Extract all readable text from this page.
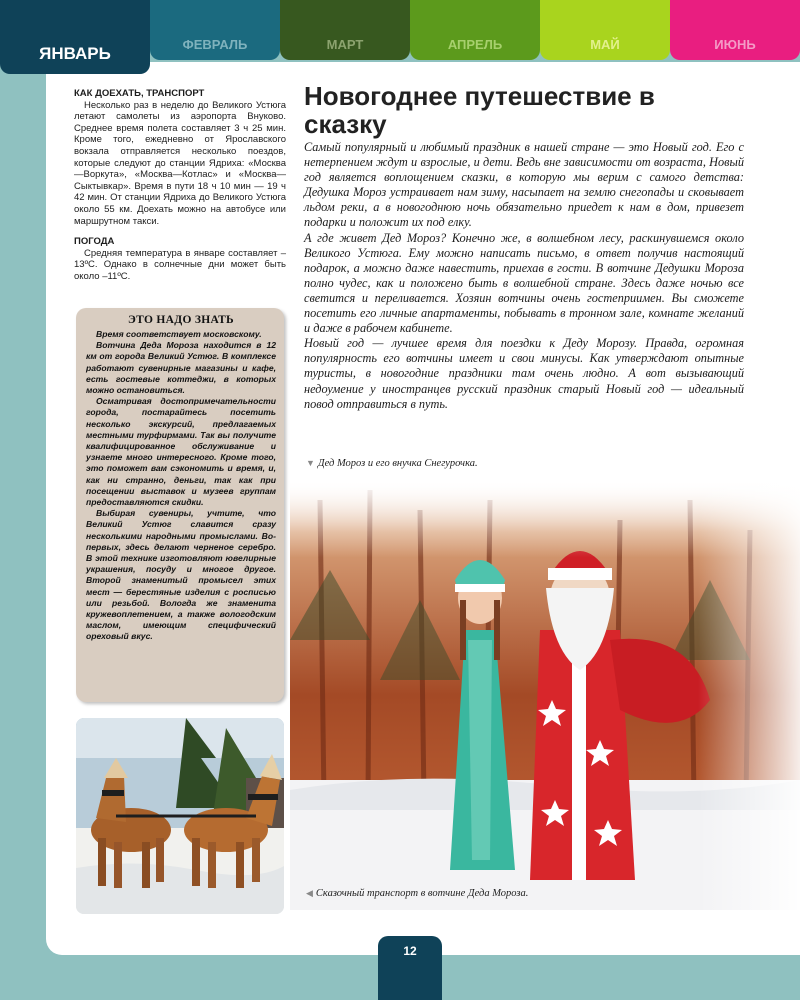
ФЕВРАЛЬ	МАРТ	АПРЕЛЬ	МАЙ	ИЮНЬ
ЯНВАРЬ
КАК ДОЕХАТЬ, ТРАНСПОРТ
Несколько раз в неделю до Великого Устюга летают самолеты из аэропорта Внуково. Среднее время полета составляет 3 ч 25 мин. Кроме того, ежедневно от Ярославского вокзала отправляется несколько поездов, которые следуют до станции Ядриха: «Москва—Воркута», «Москва—Котлас» и «Москва—Сыктывкар». Время в пути 18 ч 10 мин — 19 ч 42 мин. От станции Ядриха до Великого Устюга около 55 км. Доехать можно на автобусе или маршрутном такси.
ПОГОДА
Средняя температура в январе составляет –13ºС. Однако в солнечные дни может быть около –11ºС.
ЭТО НАДО ЗНАТЬ

Время соответствует московскому.

Вотчина Деда Мороза находится в 12 км от города Великий Устюг. В комплексе работают сувенирные магазины и кафе, есть гостевые коттеджи, в которых можно остановиться.

Осматривая достопримечательности города, постарайтесь посетить несколько экскурсий, предлагаемых местными турфирмами. Так вы получите квалифицированное обслуживание и узнаете много интересного. Кроме того, это поможет вам сэкономить и время, и, как ни странно, деньги, так как при посещении выставок и музеев группам предоставляются скидки.

Выбирая сувениры, учтите, что Великий Устюг славится сразу несколькими народными промыслами. Во-первых, здесь делают черненое серебро. В этой технике изготовляют ювелирные украшения, посуду и многое другое. Второй знаменитый промысел этих мест — берестяные изделия с росписью или резьбой. Вологда же знаменита кружевоплетением, а также вологодским маслом, имеющим специфический ореховый вкус.

Новогоднее путешествие в сказку

Самый популярный и любимый праздник в нашей стране — это Новый год. Его с нетерпением ждут и взрослые, и дети. Ведь вне зависимости от возраста, Новый год является воплощением сказки, в которую мы верим с самого детства: Дедушка Мороз устраивает нам зиму, насыпает на землю снегопады и сковывает льдом реки, а в новогоднюю ночь обязательно приедет к нам в дом, привезет подарки и положит их под елку.

А где живет Дед Мороз? Конечно же, в волшебном лесу, раскинувшемся около Великого Устюга. Ему можно написать письмо, в ответ получив настоящий подарок, а можно даже навестить, приехав в гости. В вотчине Дедушки Мороза полно чудес, как и положено быть в волшебной стране. Здесь даже ночью все светится и переливается. Хозяин вотчины очень гостеприимен. Вы сможете посетить его личные апартаменты, побывать в тронном зале, комнате желаний и даже в рабочем кабинете.

Новый год — лучшее время для поездки к Деду Морозу. Правда, огромная популярность его вотчины имеет и свои минусы. Как утверждают опытные туристы, в новогодние праздники там очень людно. А вот вызывающий недоумение у иностранцев русский праздник старый Новый год — идеальный повод отправиться в путь.

▼ Дед Мороз и его внучка Снегурочка.
◀ Сказочный транспорт в вотчине Деда Мороза.
12
